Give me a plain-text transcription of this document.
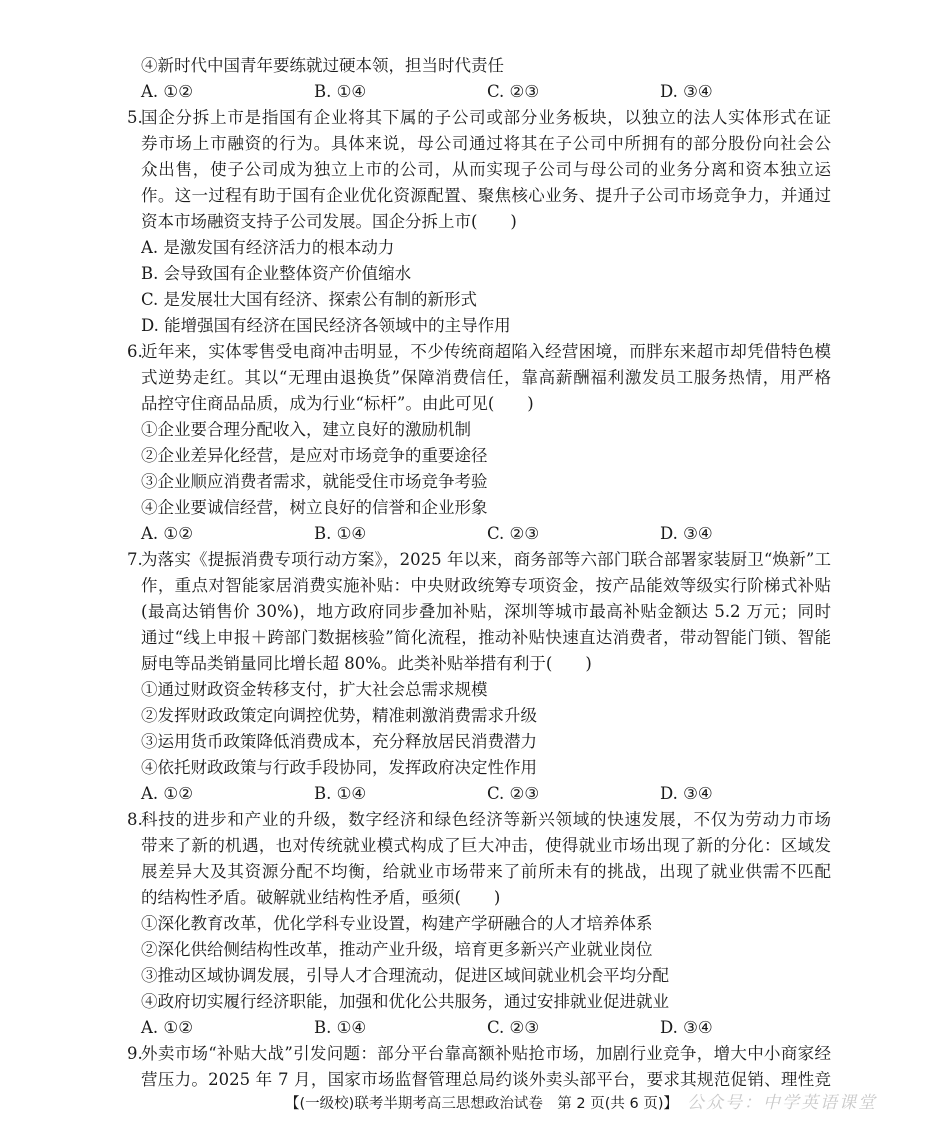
④新时代中国青年要练就过硬本领，担当时代责任
A. ①②	B. ①④	C. ②③	D. ③④
5.
国企分拆上市是指国有企业将其下属的子公司或部分业务板块，以独立的法人实体形式在证
券市场上市融资的行为。具体来说，母公司通过将其在子公司中所拥有的部分股份向社会公
众出售，使子公司成为独立上市的公司，从而实现子公司与母公司的业务分离和资本独立运
作。这一过程有助于国有企业优化资源配置、聚焦核心业务、提升子公司市场竞争力，并通过
资本市场融资支持子公司发展。国企分拆上市(　　)
A. 是激发国有经济活力的根本动力
B. 会导致国有企业整体资产价值缩水
C. 是发展壮大国有经济、探索公有制的新形式
D. 能增强国有经济在国民经济各领域中的主导作用
6.
近年来，实体零售受电商冲击明显，不少传统商超陷入经营困境，而胖东来超市却凭借特色模
式逆势走红。其以“无理由退换货”保障消费信任，靠高薪酬福利激发员工服务热情，用严格
品控守住商品品质，成为行业“标杆”。由此可见(　　)
①企业要合理分配收入，建立良好的激励机制
②企业差异化经营，是应对市场竞争的重要途径
③企业顺应消费者需求，就能受住市场竞争考验
④企业要诚信经营，树立良好的信誉和企业形象
A. ①②	B. ①④	C. ②③	D. ③④
7.
为落实《提振消费专项行动方案》，2025 年以来，商务部等六部门联合部署家装厨卫“焕新”工
作，重点对智能家居消费实施补贴：中央财政统筹专项资金，按产品能效等级实行阶梯式补贴
(最高达销售价 30%)，地方政府同步叠加补贴，深圳等城市最高补贴金额达 5.2 万元；同时
通过“线上申报＋跨部门数据核验”简化流程，推动补贴快速直达消费者，带动智能门锁、智能
厨电等品类销量同比增长超 80%。此类补贴举措有利于(　　)
①通过财政资金转移支付，扩大社会总需求规模
②发挥财政政策定向调控优势，精准刺激消费需求升级
③运用货币政策降低消费成本，充分释放居民消费潜力
④依托财政政策与行政手段协同，发挥政府决定性作用
A. ①②	B. ①④	C. ②③	D. ③④
8.
科技的进步和产业的升级，数字经济和绿色经济等新兴领域的快速发展，不仅为劳动力市场
带来了新的机遇，也对传统就业模式构成了巨大冲击，使得就业市场出现了新的分化：区域发
展差异大及其资源分配不均衡，给就业市场带来了前所未有的挑战，出现了就业供需不匹配
的结构性矛盾。破解就业结构性矛盾，亟须(　　)
①深化教育改革，优化学科专业设置，构建产学研融合的人才培养体系
②深化供给侧结构性改革，推动产业升级，培育更多新兴产业就业岗位
③推动区域协调发展，引导人才合理流动，促进区域间就业机会平均分配
④政府切实履行经济职能，加强和优化公共服务，通过安排就业促进就业
A. ①②	B. ①④	C. ②③	D. ③④
9.
外卖市场“补贴大战”引发问题：部分平台靠高额补贴抢市场，加剧行业竞争，增大中小商家经
营压力。2025 年 7 月，国家市场监督管理总局约谈外卖头部平台，要求其规范促销、理性竞
【(一级校)联考半期考高三思想政治试卷　第 2 页(共 6 页)】 公众号：中学英语课堂
